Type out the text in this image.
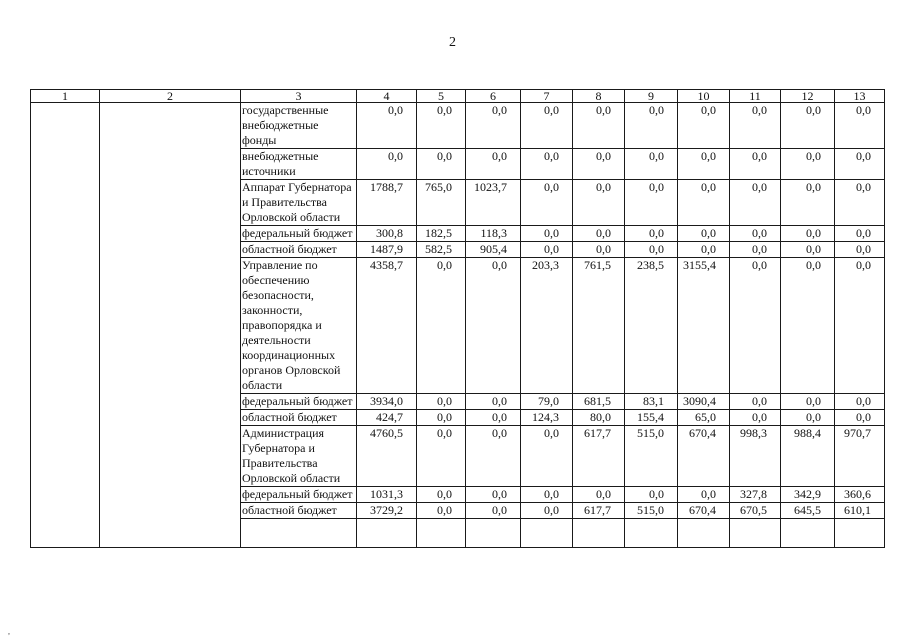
2
1	2	3	4	5	6	7	8	9	10	11	12	13
		государственные внебюджетные фонды	0,0	0,0	0,0	0,0	0,0	0,0	0,0	0,0	0,0	0,0
		внебюджетные источники	0,0	0,0	0,0	0,0	0,0	0,0	0,0	0,0	0,0	0,0
		Аппарат Губернатора и Правительства Орловской области	1788,7	765,0	1023,7	0,0	0,0	0,0	0,0	0,0	0,0	0,0
		федеральный бюджет	300,8	182,5	118,3	0,0	0,0	0,0	0,0	0,0	0,0	0,0
		областной бюджет	1487,9	582,5	905,4	0,0	0,0	0,0	0,0	0,0	0,0	0,0
		Управление по обеспечению безопасности, законности, правопорядка и деятельности координационных органов Орловской области	4358,7	0,0	0,0	203,3	761,5	238,5	3155,4	0,0	0,0	0,0
		федеральный бюджет	3934,0	0,0	0,0	79,0	681,5	83,1	3090,4	0,0	0,0	0,0
		областной бюджет	424,7	0,0	0,0	124,3	80,0	155,4	65,0	0,0	0,0	0,0
		Администрация Губернатора и Правительства Орловской области	4760,5	0,0	0,0	0,0	617,7	515,0	670,4	998,3	988,4	970,7
		федеральный бюджет	1031,3	0,0	0,0	0,0	0,0	0,0	0,0	327,8	342,9	360,6
		областной бюджет	3729,2	0,0	0,0	0,0	617,7	515,0	670,4	670,5	645,5	610,1

,
